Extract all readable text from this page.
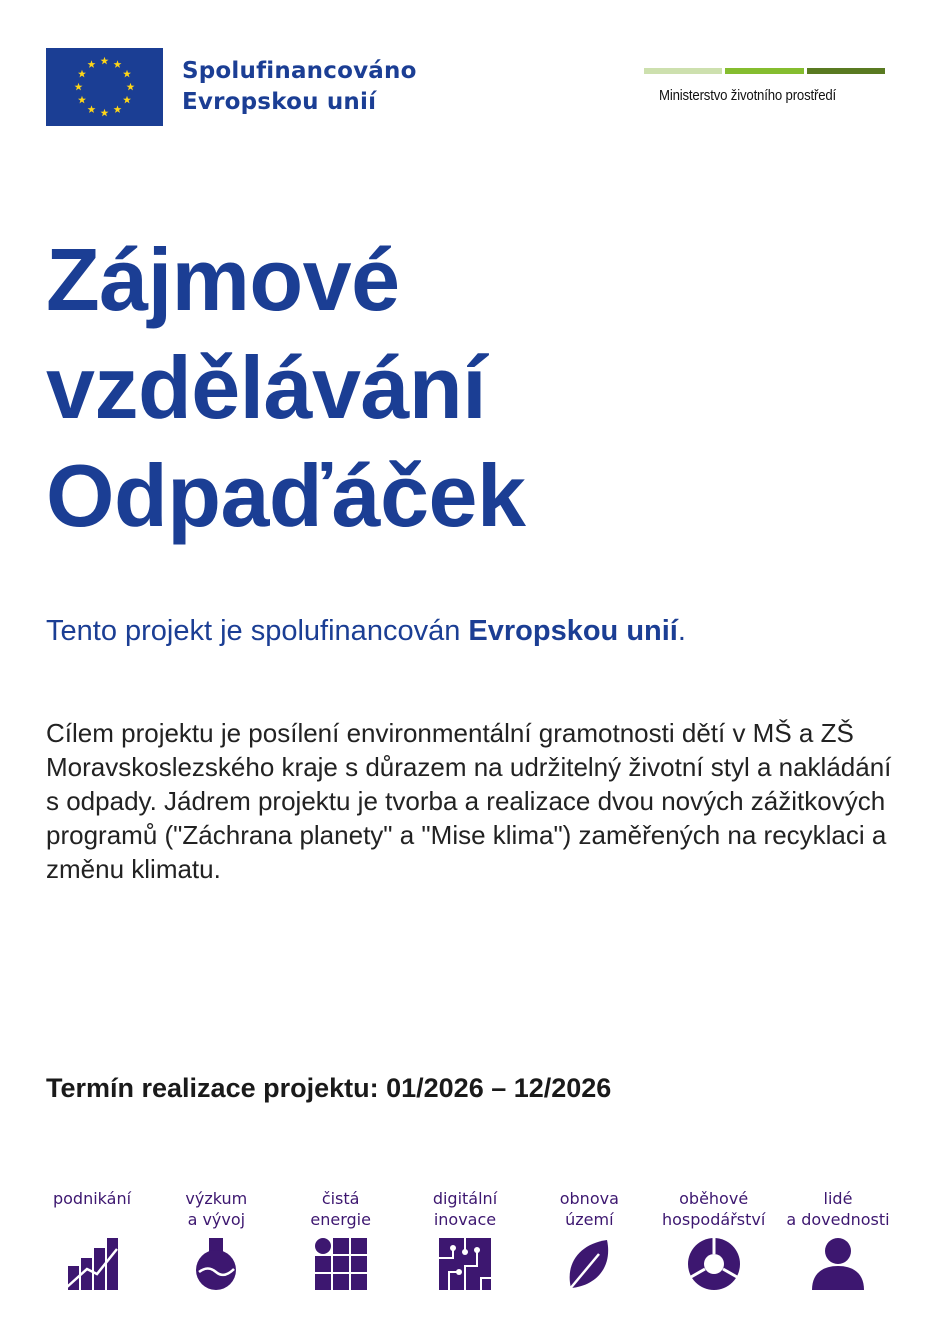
Spolufinancováno
Evropskou unií	Ministerstvo životního prostředí
Zájmové
vzdělávání
Odpaďáček
Tento projekt je spolufinancován Evropskou unií.

Cílem projektu je posílení environmentální gramotnosti dětí v MŠ a ZŠ Moravskoslezského kraje s důrazem na udržitelný životní styl a nakládání s odpady. Jádrem projektu je tvorba a realizace dvou nových zážitkových programů ("Záchrana planety" a "Mise klima") zaměřených na recyklaci a změnu klimatu.

Termín realizace projektu: 01/2026 – 12/2026
podnikání	výzkum
a vývoj
čistá
energie
digitální
inovace
obnova
území
oběhové
hospodářství
lidé
a dovednosti
